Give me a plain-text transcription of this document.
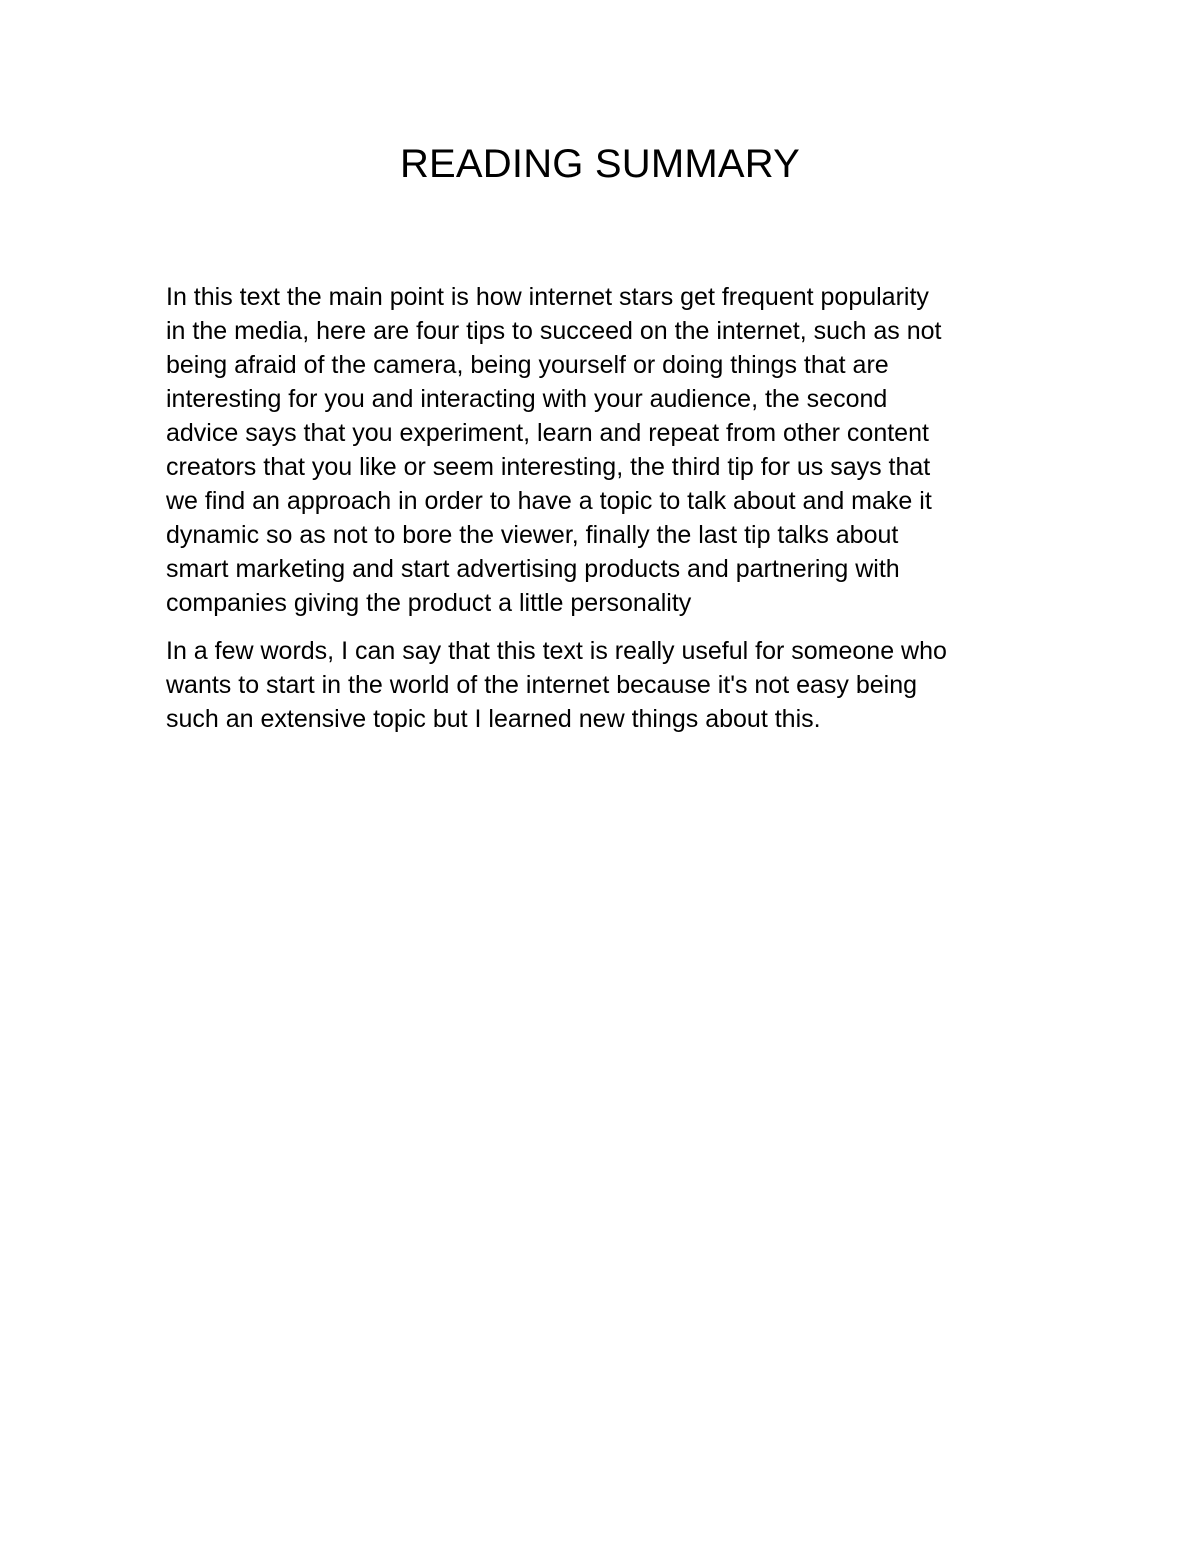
READING SUMMARY

In this text the main point is how internet stars get frequent popularity
in the media, here are four tips to succeed on the internet, such as not
being afraid of the camera, being yourself or doing things that are
interesting for you and interacting with your audience, the second
advice says that you experiment, learn and repeat from other content
creators that you like or seem interesting, the third tip for us says that
we find an approach in order to have a topic to talk about and make it
dynamic so as not to bore the viewer, finally the last tip talks about
smart marketing and start advertising products and partnering with
companies giving the product a little personality

In a few words, I can say that this text is really useful for someone who
wants to start in the world of the internet because it's not easy being
such an extensive topic but I learned new things about this.
